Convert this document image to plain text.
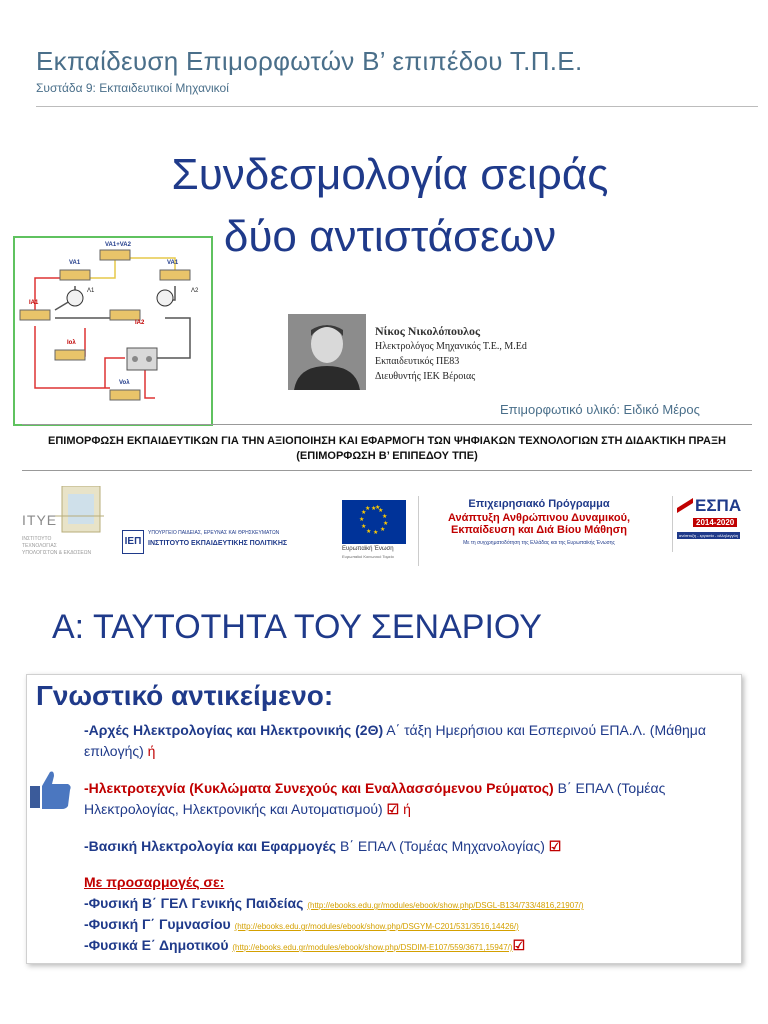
Εκπαίδευση Επιμορφωτών Β’ επιπέδου Τ.Π.Ε.
Συστάδα 9: Εκπαιδευτικοί Μηχανικοί
VA1
VA1+VA2
VA1
Λ1	Λ2
IA1
IA2
Ioλ
Voλ
Συνδεσμολογία σειράς
δύο αντιστάσεων
Νίκος Νικολόπουλος
Ηλεκτρολόγος Μηχανικός Τ.Ε., M.Ed
Εκπαιδευτικός ΠΕ83
Διευθυντής ΙΕΚ Βέροιας
Επιμορφωτικό υλικό: Ειδικό Μέρος
ΕΠΙΜΟΡΦΩΣΗ ΕΚΠΑΙΔΕΥΤΙΚΩΝ ΓΙΑ ΤΗΝ ΑΞΙΟΠΟΙΗΣΗ ΚΑΙ ΕΦΑΡΜΟΓΗ ΤΩΝ ΨΗΦΙΑΚΩΝ ΤΕΧΝΟΛΟΓΙΩΝ ΣΤΗ ΔΙΔΑΚΤΙΚΗ ΠΡΑΞΗ
(ΕΠΙΜΟΡΦΩΣΗ Β’ ΕΠΙΠΕΔΟΥ ΤΠΕ)
ΙΤΥΕ
ΙΝΣΤΙΤΟΥΤΟ
ΤΕΧΝΟΛΟΓΙΑΣ
ΥΠΟΛΟΓΙΣΤΩΝ & ΕΚΔΟΣΕΩΝ
ΙΕΠ
ΥΠΟΥΡΓΕΙΟ ΠΑΙΔΕΙΑΣ, ΕΡΕΥΝΑΣ ΚΑΙ ΘΡΗΣΚΕΥΜΑΤΩΝ
ΙΝΣΤΙΤΟΥΤΟ ΕΚΠΑΙΔΕΥΤΙΚΗΣ ΠΟΛΙΤΙΚΗΣ
★ ★
★
★
★
★
★
★
★
★
★ ★
Ευρωπαϊκή Ένωση
Ευρωπαϊκό Κοινωνικό Ταμείο
Επιχειρησιακό Πρόγραμμα
Ανάπτυξη Ανθρώπινου Δυναμικού,
Εκπαίδευση και Διά Βίου Μάθηση
Με τη συγχρηματοδότηση της Ελλάδας και της Ευρωπαϊκής Ένωσης
ΕΣΠΑ
2014-2020
ανάπτυξη - εργασία - αλληλεγγύη
Α: ΤΑΥΤΟΤΗΤΑ ΤΟΥ ΣΕΝΑΡΙΟΥ
Γνωστικό αντικείμενο:
-Αρχές Ηλεκτρολογίας και Ηλεκτρονικής (2Θ) Α΄ τάξη Ημερήσιου και Εσπερινού ΕΠΑ.Λ. (Μάθημα επιλογής) ή
-Ηλεκτροτεχνία (Κυκλώματα Συνεχούς και Εναλλασσόμενου Ρεύματος) Β΄ ΕΠΑΛ (Τομέας Ηλεκτρολογίας, Ηλεκτρονικής και Αυτοματισμού) ☑ ή
-Βασική Ηλεκτρολογία και Εφαρμογές Β΄ ΕΠΑΛ (Τομέας Μηχανολογίας) ☑
Με προσαρμογές σε:
-Φυσική Β΄ ΓΕΛ Γενικής Παιδείας (http://ebooks.edu.gr/modules/ebook/show.php/DSGL-B134/733/4816,21907/)
-Φυσική Γ΄ Γυμνασίου (http://ebooks.edu.gr/modules/ebook/show.php/DSGYM-C201/531/3516,14426/)
-Φυσικά Ε΄ Δημοτικού (http://ebooks.edu.gr/modules/ebook/show.php/DSDIM-E107/559/3671,15947/)☑
